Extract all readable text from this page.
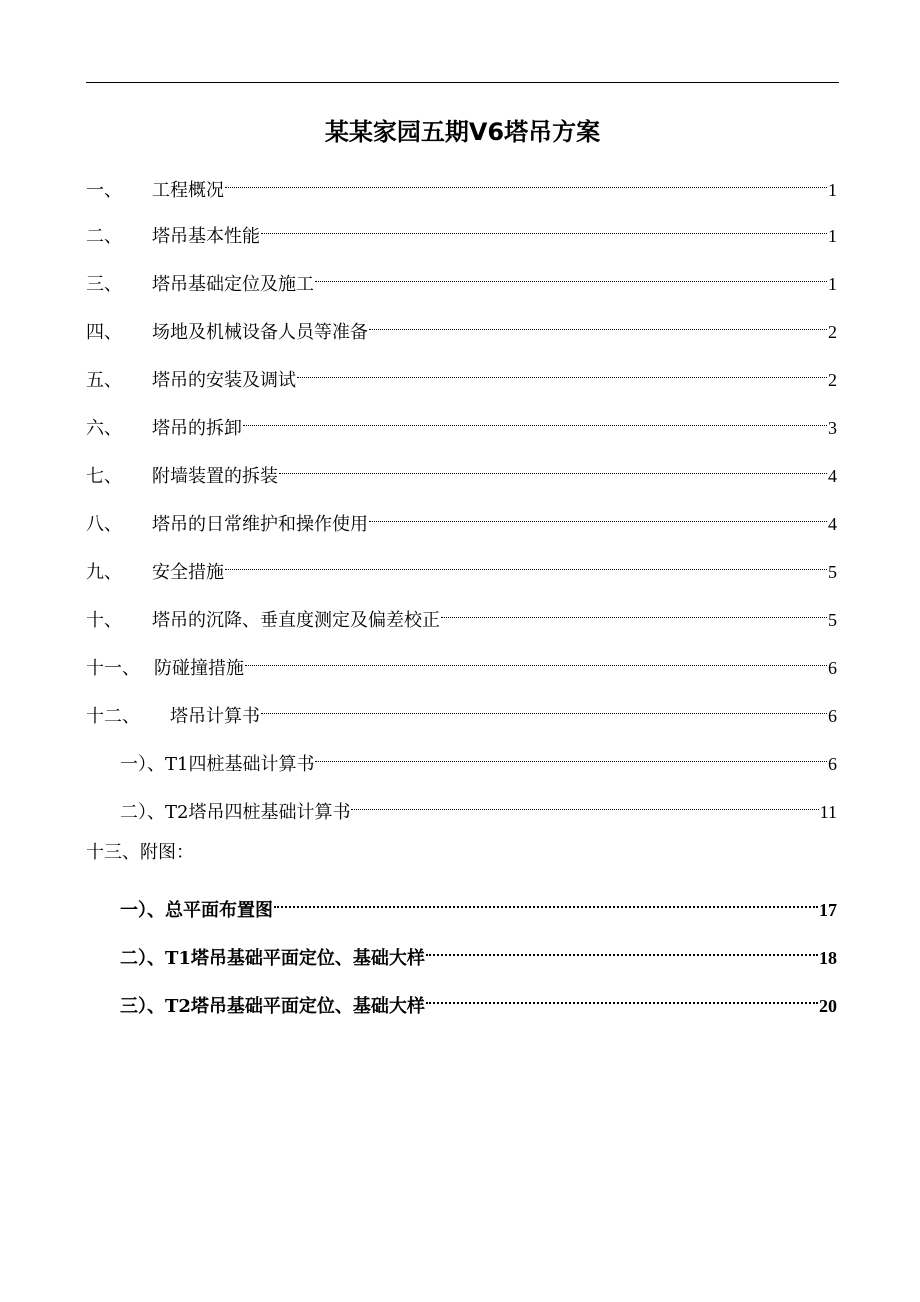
某某家园五期V6塔吊方案
一、	工程概况	1
二、	塔吊基本性能	1
三、	塔吊基础定位及施工	1
四、	场地及机械设备人员等准备	2
五、	塔吊的安装及调试	2
六、	塔吊的拆卸	3
七、	附墙装置的拆装	4
八、	塔吊的日常维护和操作使用	4
九、	安全措施	5
十、	塔吊的沉降、垂直度测定及偏差校正	5
十一、 防碰撞措施	6
十二、	塔吊计算书	6
一）、 T1四桩基础计算书	6
二）、 T2塔吊四桩基础计算书	11
十三、 附图：
一）、 总平面布置图	17
二）、 T1塔吊基础平面定位、基础大样	18
三）、 T2塔吊基础平面定位、基础大样	20
